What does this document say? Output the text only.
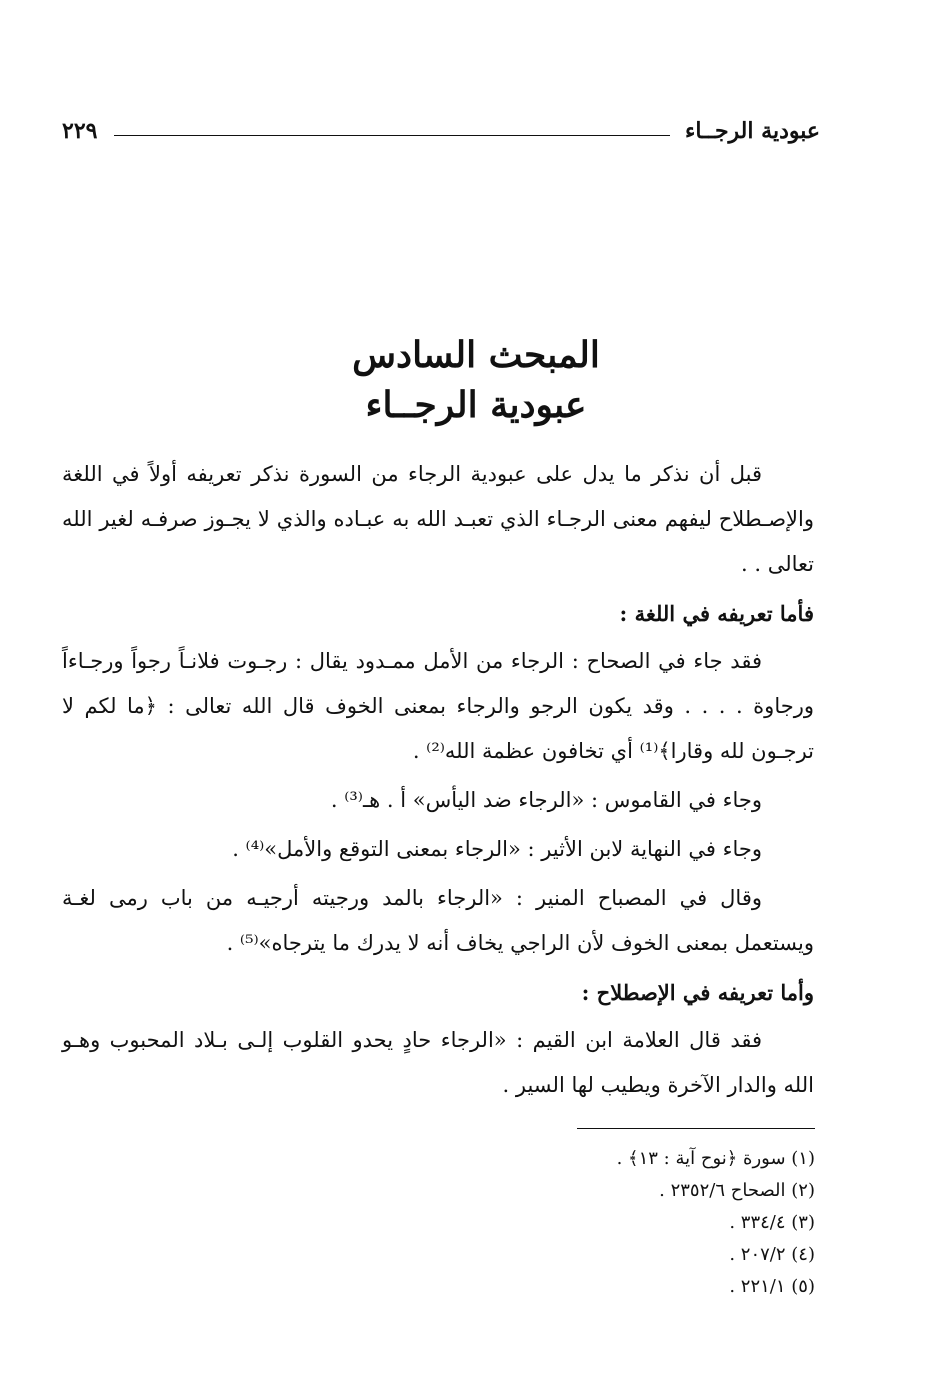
عبودية الرجــاء
٢٢٩
المبحث السادس
عبودية الرجــاء

قبل أن نذكر ما يدل على عبودية الرجاء من السورة نذكر تعريفه أولاً في اللغة والإصـطلاح ليفهم معنى الرجـاء الذي تعبـد الله به عبـاده والذي لا يجـوز صرفـه لغير الله تعالى . .

فأما تعريفه في اللغة :

فقد جاء في الصحاح : الرجاء من الأمل ممـدود يقال : رجـوت فلانـاً رجواً ورجـاءاً ورجاوة . . . . وقد يكون الرجو والرجاء بمعنى الخوف قال الله تعالى : ﴿ما لكم لا ترجـون لله وقارا﴾⁽¹⁾ أي تخافون عظمة الله⁽²⁾ .

وجاء في القاموس : «الرجاء ضد اليأس» أ . هـ⁽³⁾ .

وجاء في النهاية لابن الأثير : «الرجاء بمعنى التوقع والأمل»⁽⁴⁾ .

وقال في المصباح المنير : «الرجاء بالمد ورجيته أرجيـه من باب رمى لغـة ويستعمل بمعنى الخوف لأن الراجي يخاف أنه لا يدرك ما يترجاه»⁽⁵⁾ .

وأما تعريفه في الإصطلاح :

فقد قال العلامة ابن القيم : «الرجاء حادٍ يحدو القلوب إلـى بـلاد المحبوب وهـو الله والدار الآخرة ويطيب لها السير .

(١) سورة ﴿نوح آية : ١٣﴾ .
(٢) الصحاح ٢٣٥٢/٦ .
(٣) ٣٣٤/٤ .
(٤) ٢٠٧/٢ .
(٥) ٢٢١/١ .
